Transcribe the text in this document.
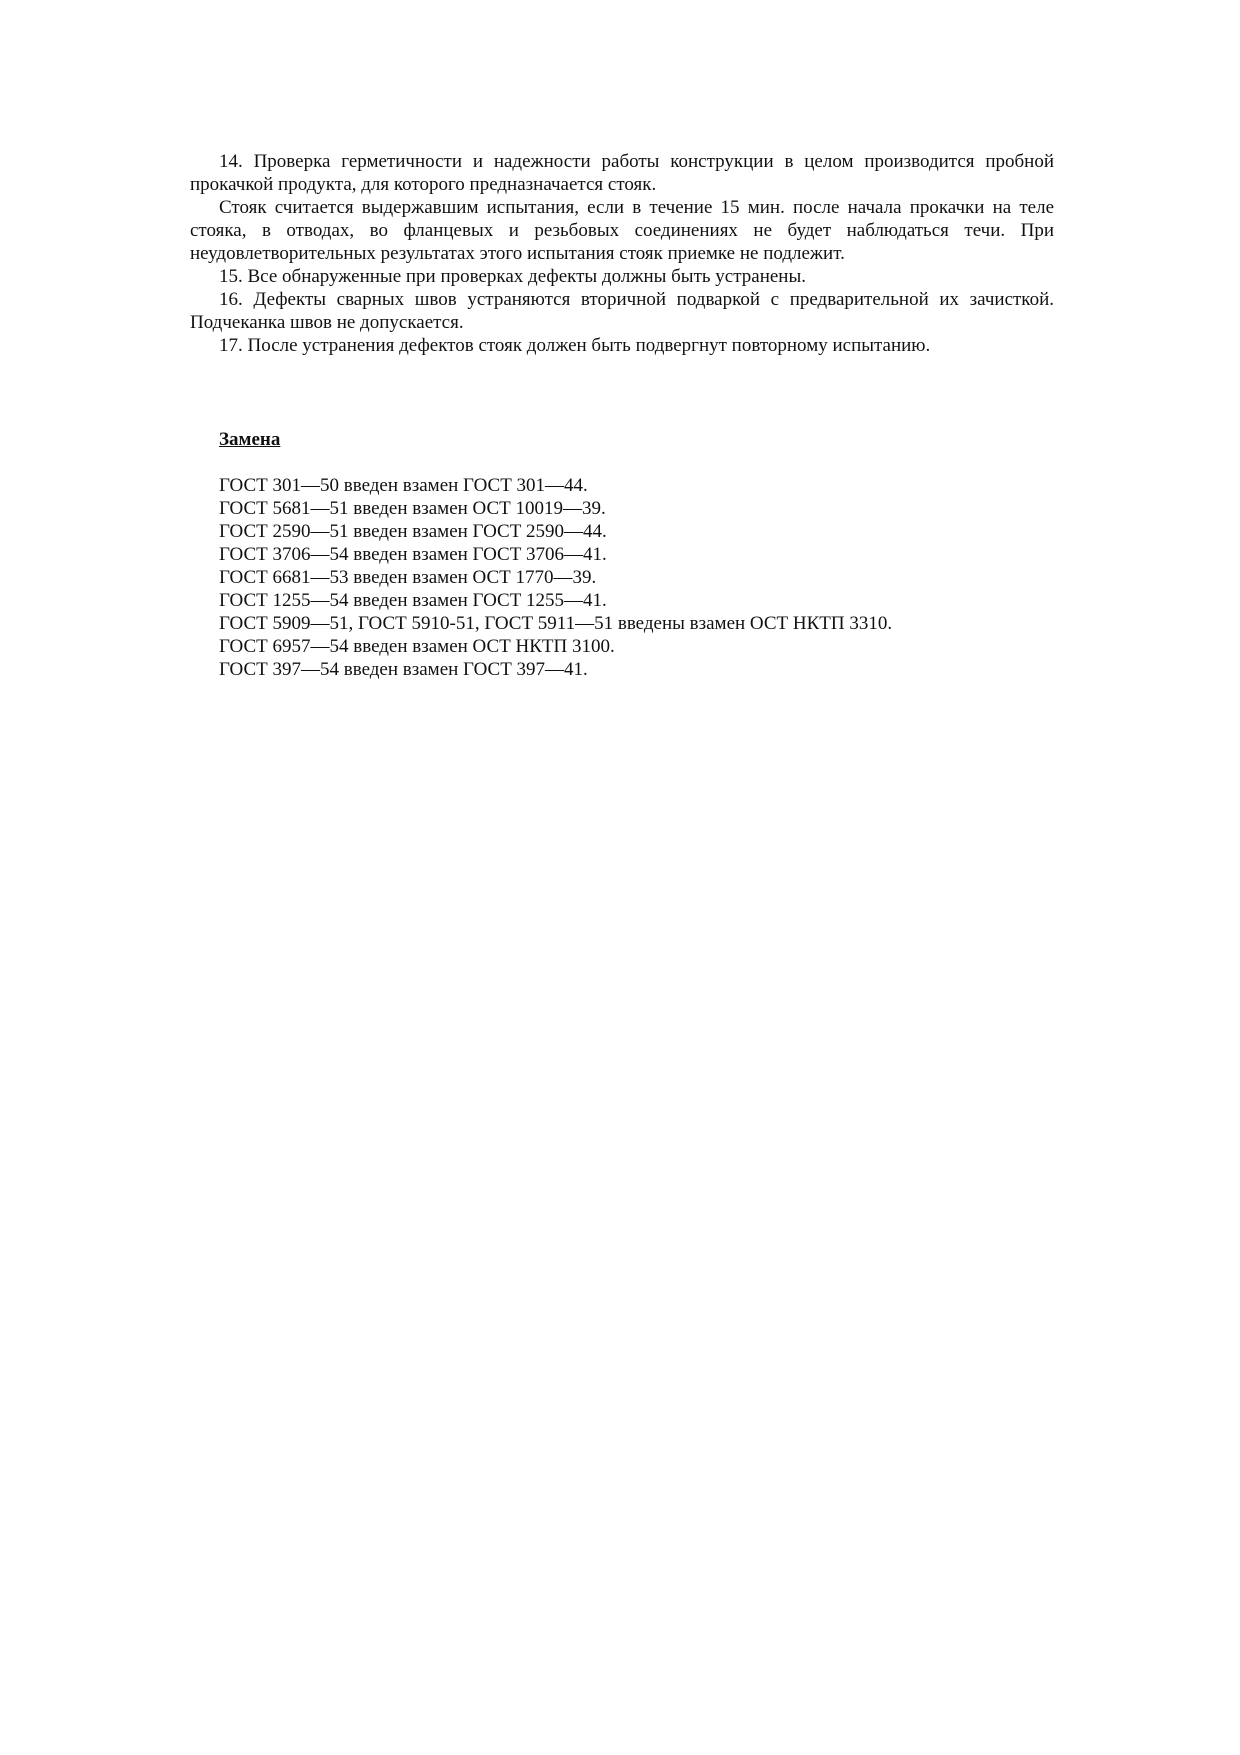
14. Проверка герметичности и надежности работы конструкции в целом производится пробной прокачкой продукта, для которого предназначается стояк.

Стояк считается выдержавшим испытания, если в течение 15 мин. после начала прокачки на теле стояка, в отводах, во фланцевых и резьбовых соединениях не будет наблюдаться течи. При неудовлетворительных результатах этого испытания стояк приемке не подлежит.

15. Все обнаруженные при проверках дефекты должны быть устранены.

16. Дефекты сварных швов устраняются вторичной подваркой с предварительной их зачисткой. Подчеканка швов не допускается.

17. После устранения дефектов стояк должен быть подвергнут повторному испытанию.

Замена
ГОСТ 301—50 введен взамен ГОСТ 301—44.
ГОСТ 5681—51 введен взамен ОСТ 10019—39.
ГОСТ 2590—51 введен взамен ГОСТ 2590—44.
ГОСТ 3706—54 введен взамен ГОСТ 3706—41.
ГОСТ 6681—53 введен взамен ОСТ 1770—39.
ГОСТ 1255—54 введен взамен ГОСТ 1255—41.
ГОСТ 5909—51, ГОСТ 5910-51, ГОСТ 5911—51 введены взамен ОСТ НКТП 3310.
ГОСТ 6957—54 введен взамен ОСТ НКТП 3100.
ГОСТ 397—54 введен взамен ГОСТ 397—41.
